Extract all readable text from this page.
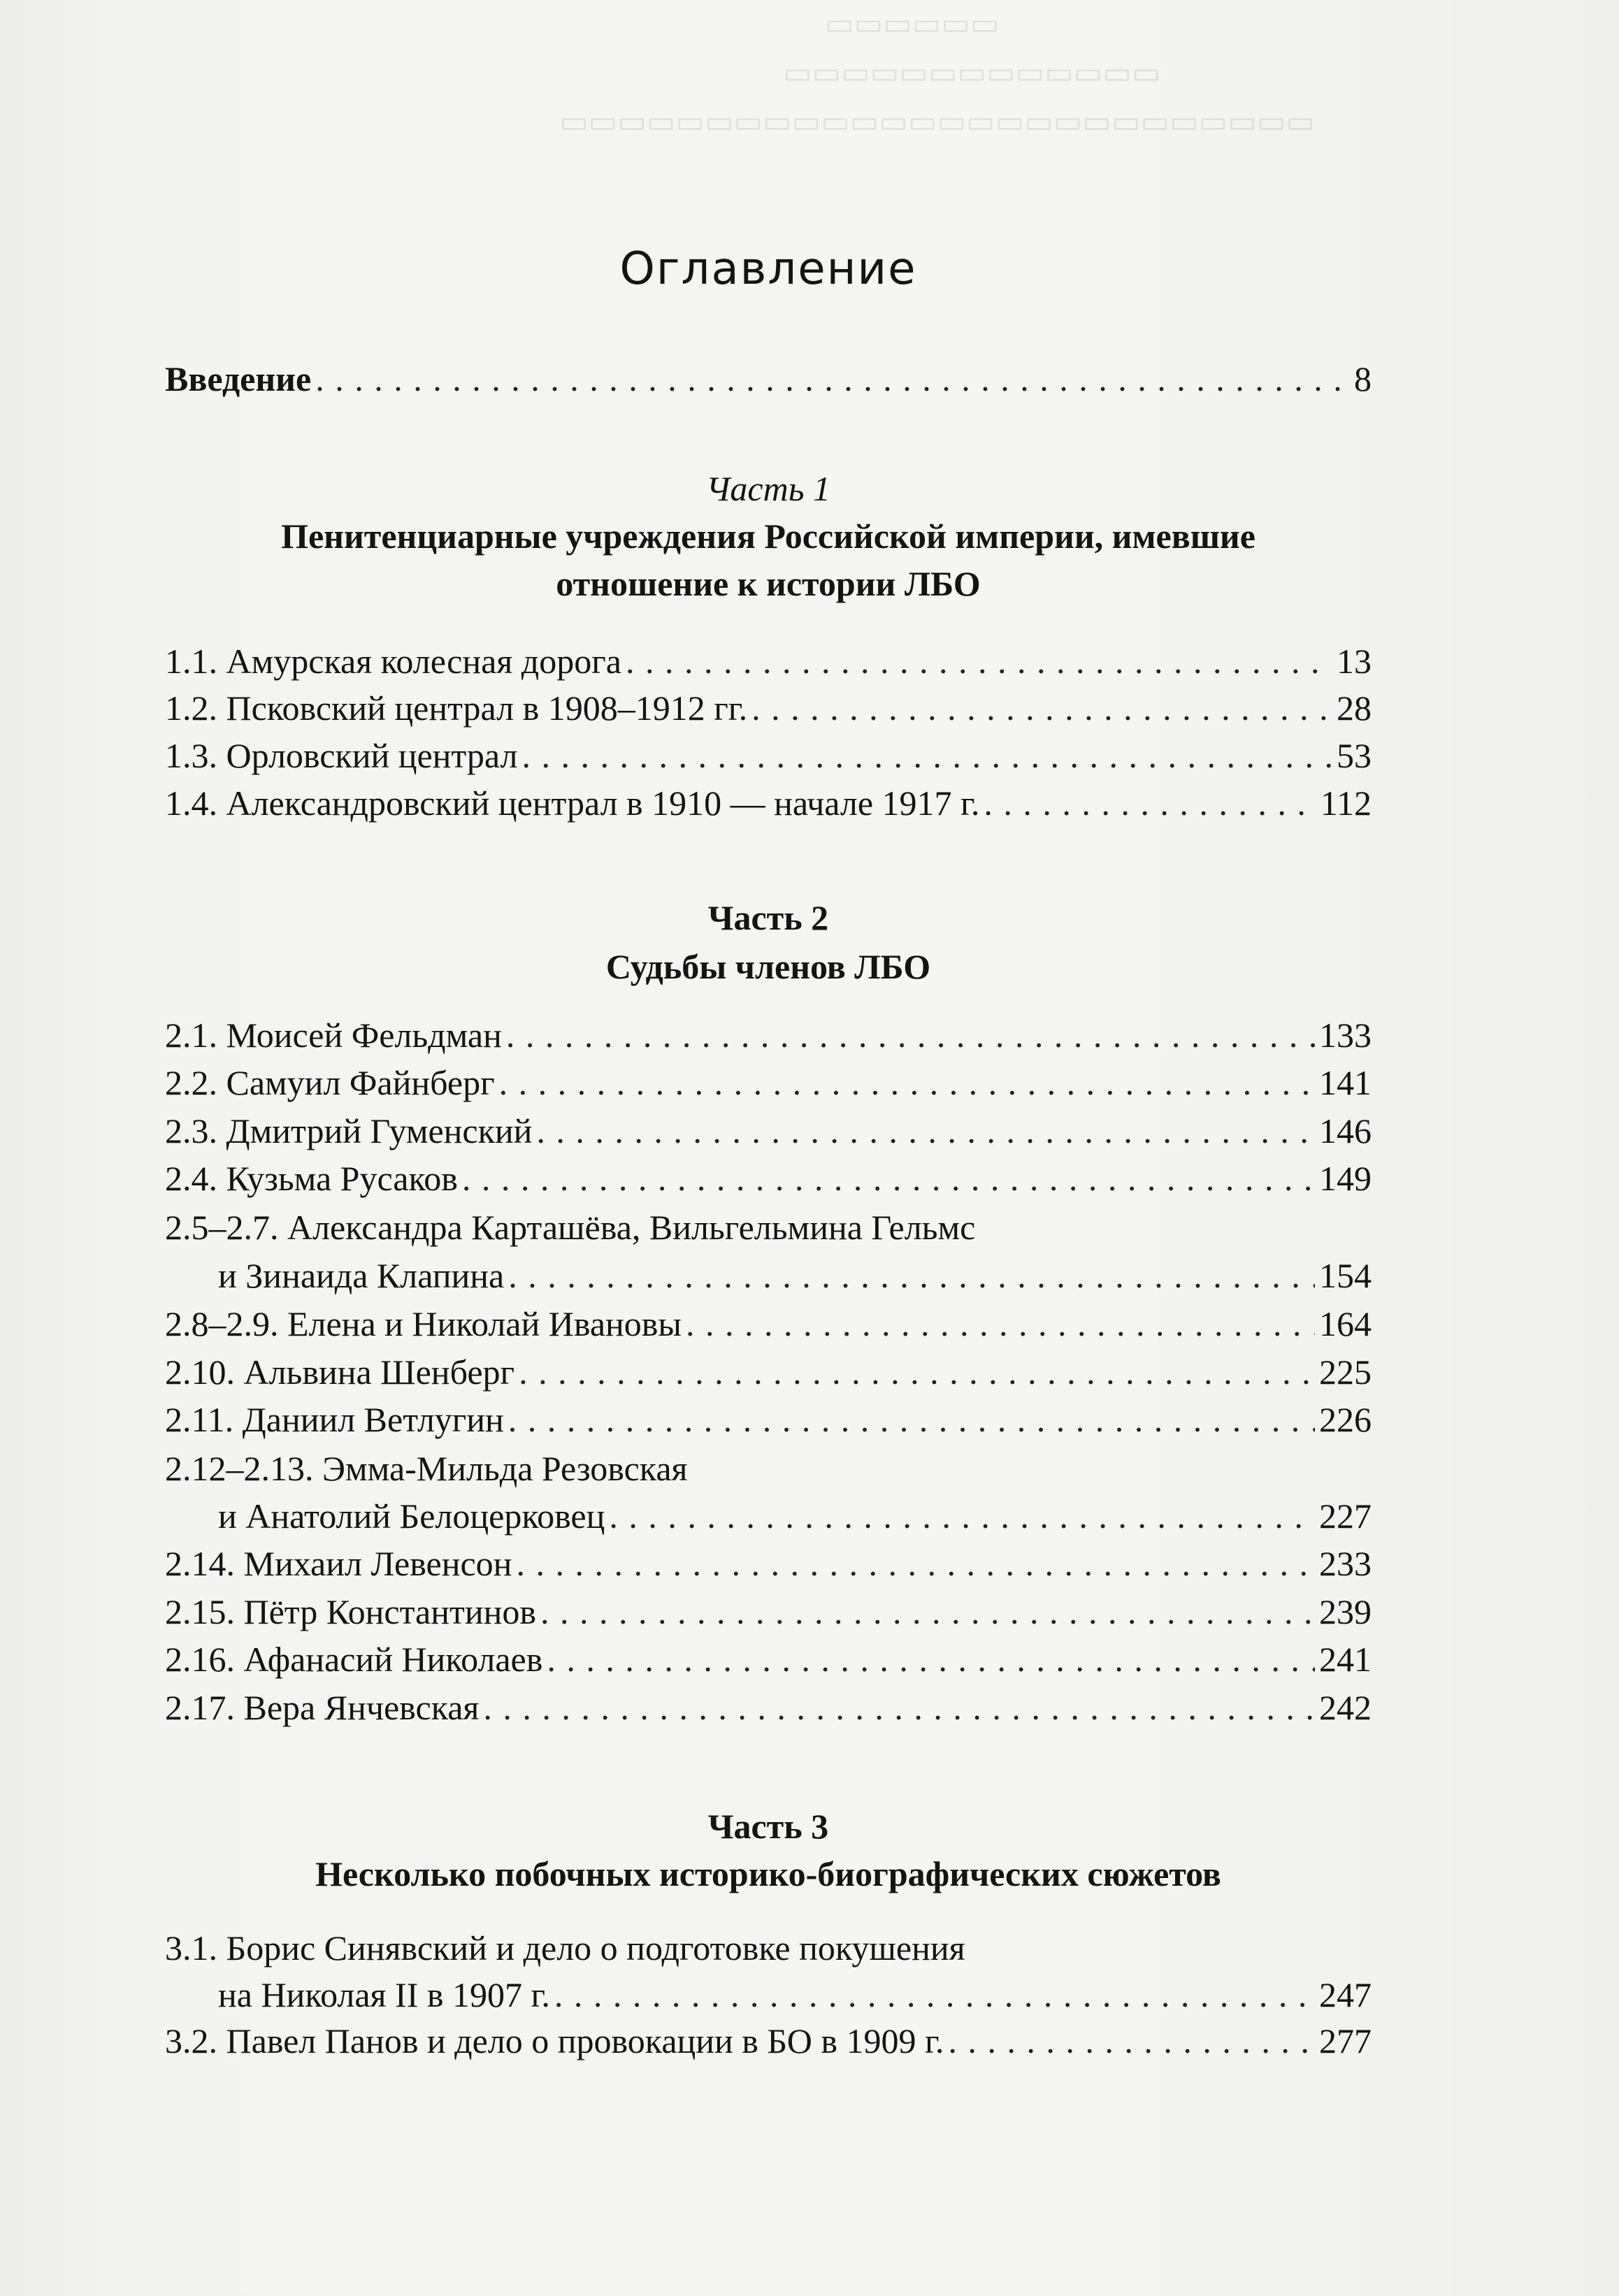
▭▭▭▭▭▭
▭▭▭▭▭▭▭▭▭▭▭▭▭
▭▭▭▭▭▭▭▭▭▭▭▭▭▭▭▭▭▭▭▭▭▭▭▭▭▭
Оглавление
Введение . . .	8
Часть 1
Пенитенциарные учреждения Российской империи, имевшие
отношение к истории ЛБО
1.1. Амурская колесная дорога . . .	13
1.2. Псковский централ в 1908–1912 гг. . . .	28
1.3. Орловский централ . . .	53
1.4. Александровский централ в 1910 — начале 1917 г. . . .	112
Часть 2
Судьбы членов ЛБО
2.1. Моисей Фельдман . . .	133
2.2. Самуил Файнберг . . .	141
2.3. Дмитрий Гуменский . . .	146
2.4. Кузьма Русаков . . .	149
2.5–2.7. Александра Карташёва, Вильгельмина Гельмс
и Зинаида Клапина . . .	154
2.8–2.9. Елена и Николай Ивановы . . .	164
2.10. Альвина Шенберг . . .	225
2.11. Даниил Ветлугин . . .	226
2.12–2.13. Эмма-Мильда Резовская
и Анатолий Белоцерковец . . .	227
2.14. Михаил Левенсон . . .	233
2.15. Пётр Константинов . . .	239
2.16. Афанасий Николаев . . .	241
2.17. Вера Янчевская . . .	242
Часть 3
Несколько побочных историко-биографических сюжетов
3.1. Борис Синявский и дело о подготовке покушения
на Николая II в 1907 г. . . .	247
3.2. Павел Панов и дело о провокации в БО в 1909 г. . . .	277
